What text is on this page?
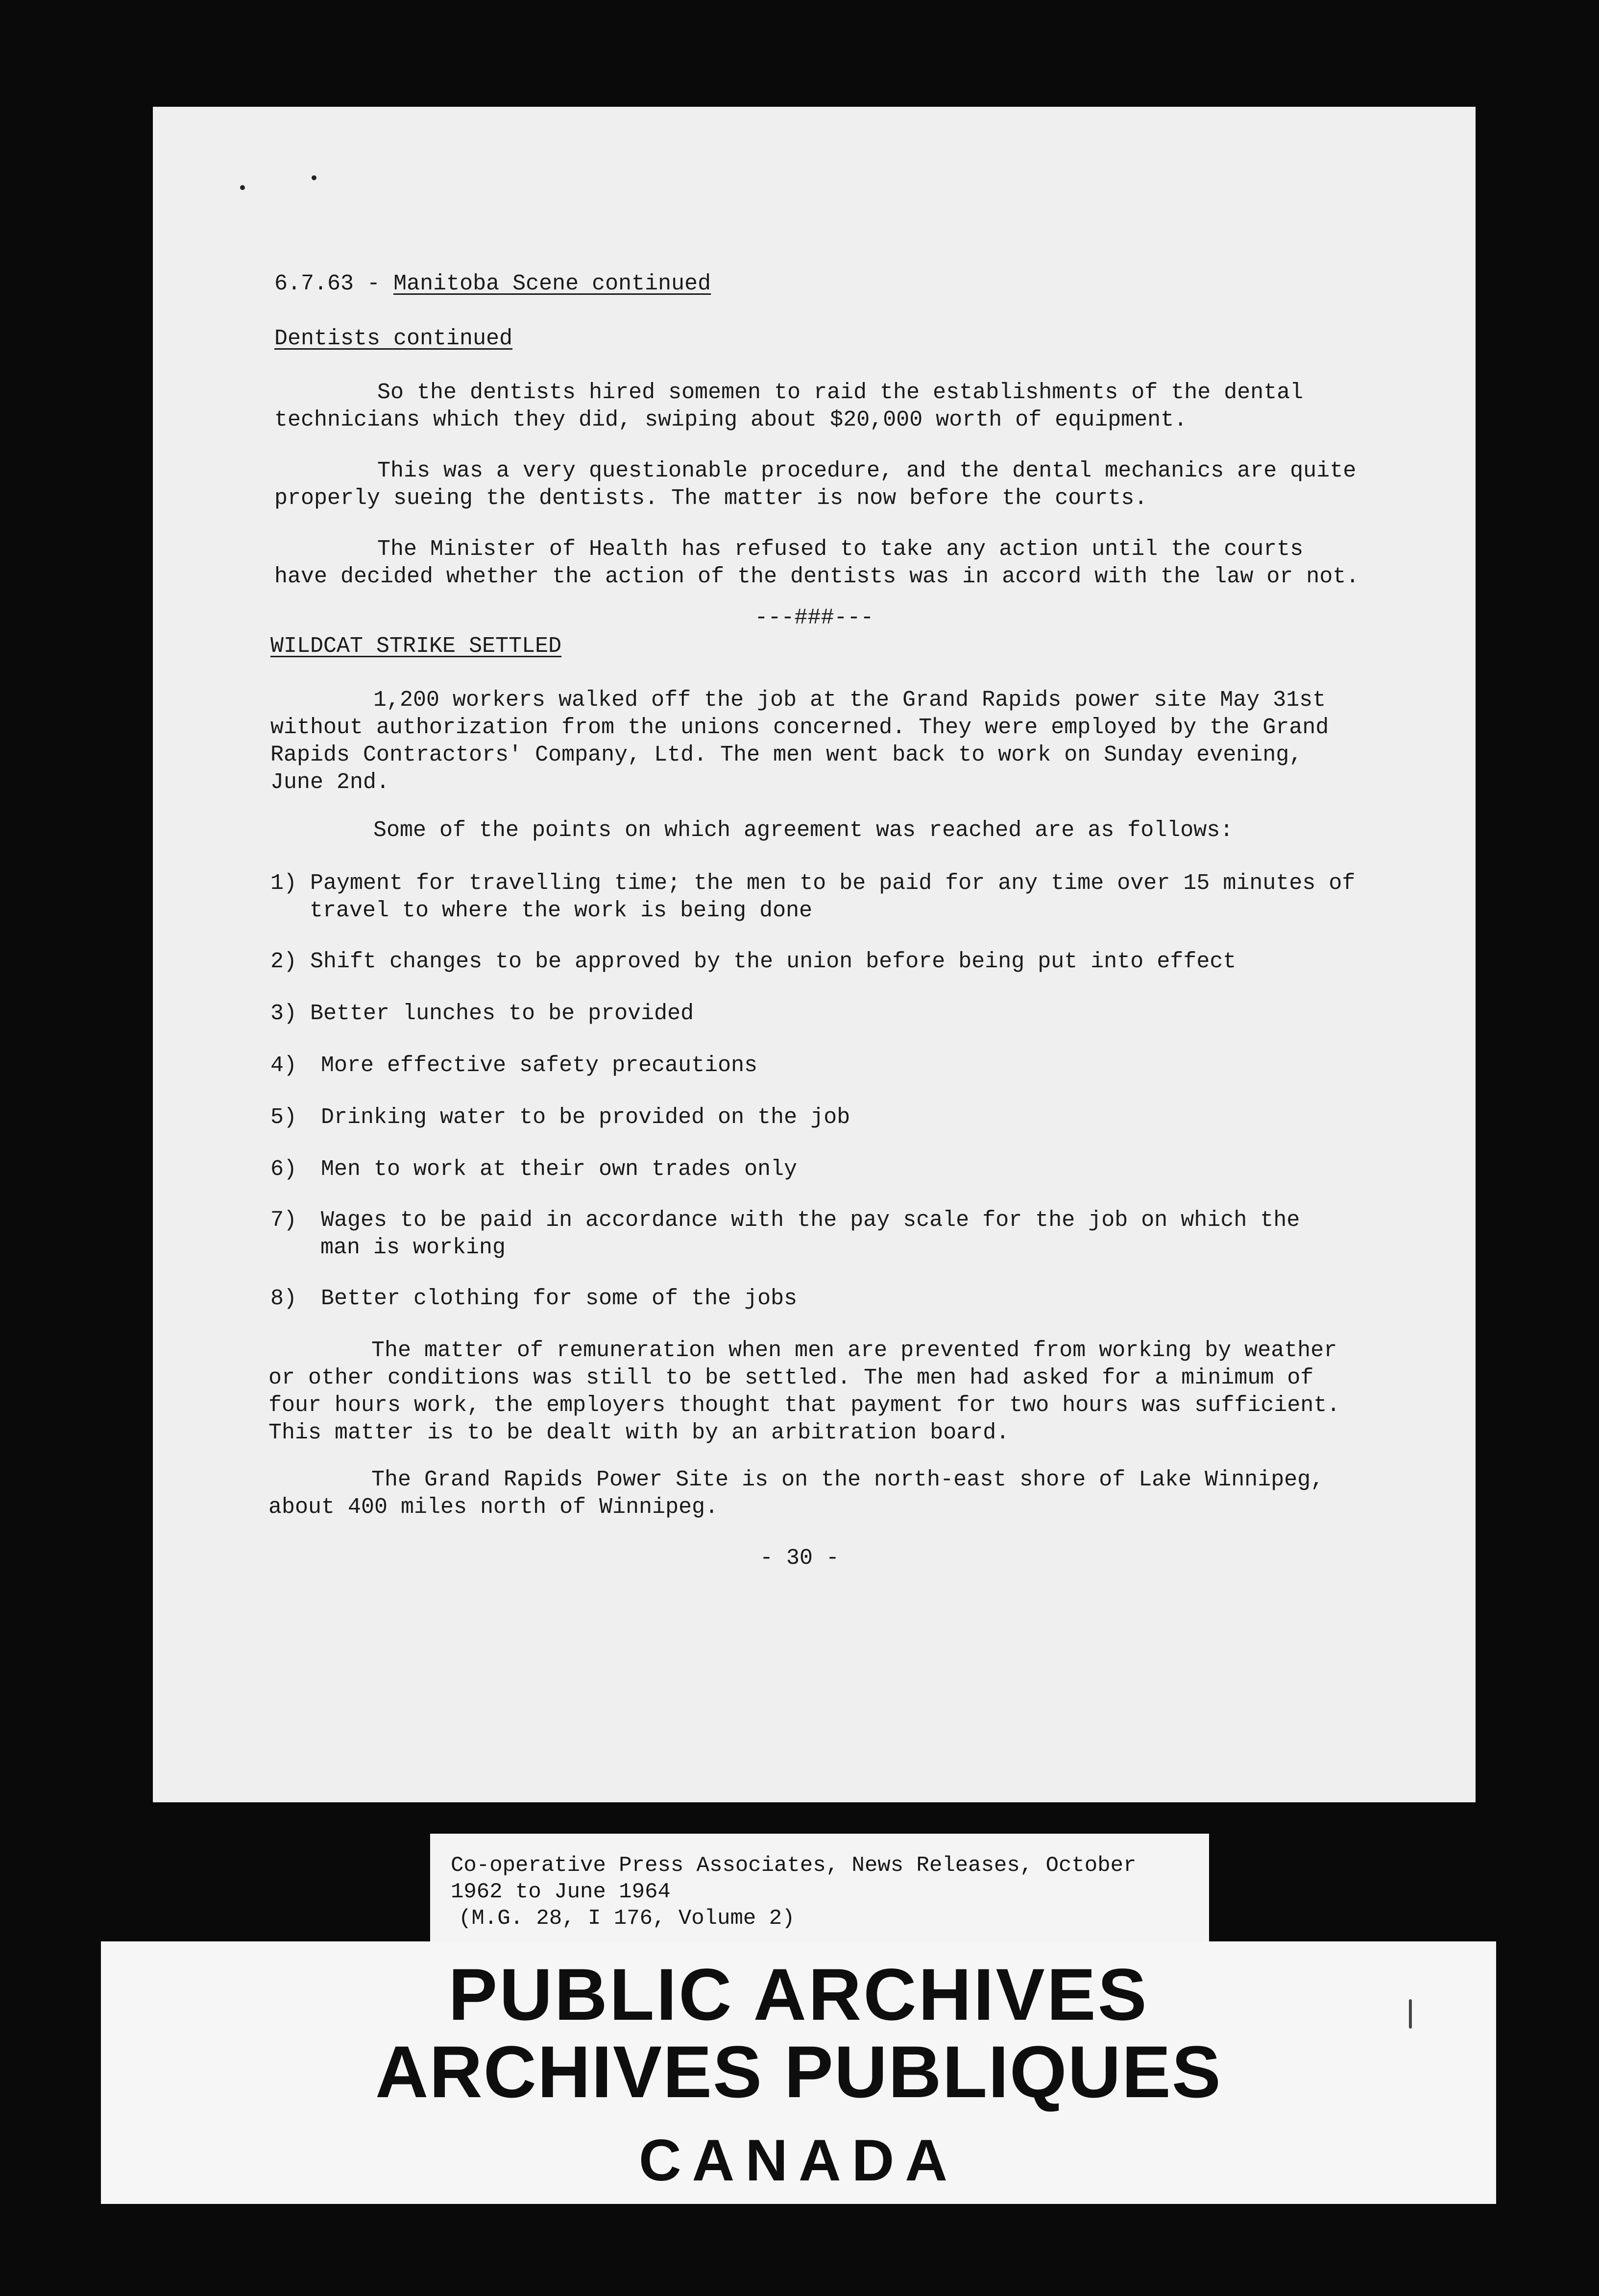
6.7.63 - Manitoba Scene continued
Dentists continued
So the dentists hired somemen to raid the establishments of the dental
technicians which they did, swiping about $20,000 worth of equipment.
This was a very questionable procedure, and the dental mechanics are quite
properly sueing the dentists. The matter is now before the courts.
The Minister of Health has refused to take any action until the courts
have decided whether the action of the dentists was in accord with the law or not.
---###---
WILDCAT STRIKE SETTLED
1,200 workers walked off the job at the Grand Rapids power site May 31st
without authorization from the unions concerned. They were employed by the Grand
Rapids Contractors' Company, Ltd. The men went back to work on Sunday evening,
June 2nd.
Some of the points on which agreement was reached are as follows:
1) Payment for travelling time; the men to be paid for any time over 15 minutes of
travel to where the work is being done
2) Shift changes to be approved by the union before being put into effect
3) Better lunches to be provided
4) More effective safety precautions
5) Drinking water to be provided on the job
6) Men to work at their own trades only
7) Wages to be paid in accordance with the pay scale for the job on which the
man is working
8) Better clothing for some of the jobs
The matter of remuneration when men are prevented from working by weather
or other conditions was still to be settled. The men had asked for a minimum of
four hours work, the employers thought that payment for two hours was sufficient.
This matter is to be dealt with by an arbitration board.
The Grand Rapids Power Site is on the north-east shore of Lake Winnipeg,
about 400 miles north of Winnipeg.
- 30 -
Co-operative Press Associates, News Releases, October
1962 to June 1964
(M.G. 28, I 176, Volume 2)
PUBLIC ARCHIVES
ARCHIVES PUBLIQUES
CANADA
